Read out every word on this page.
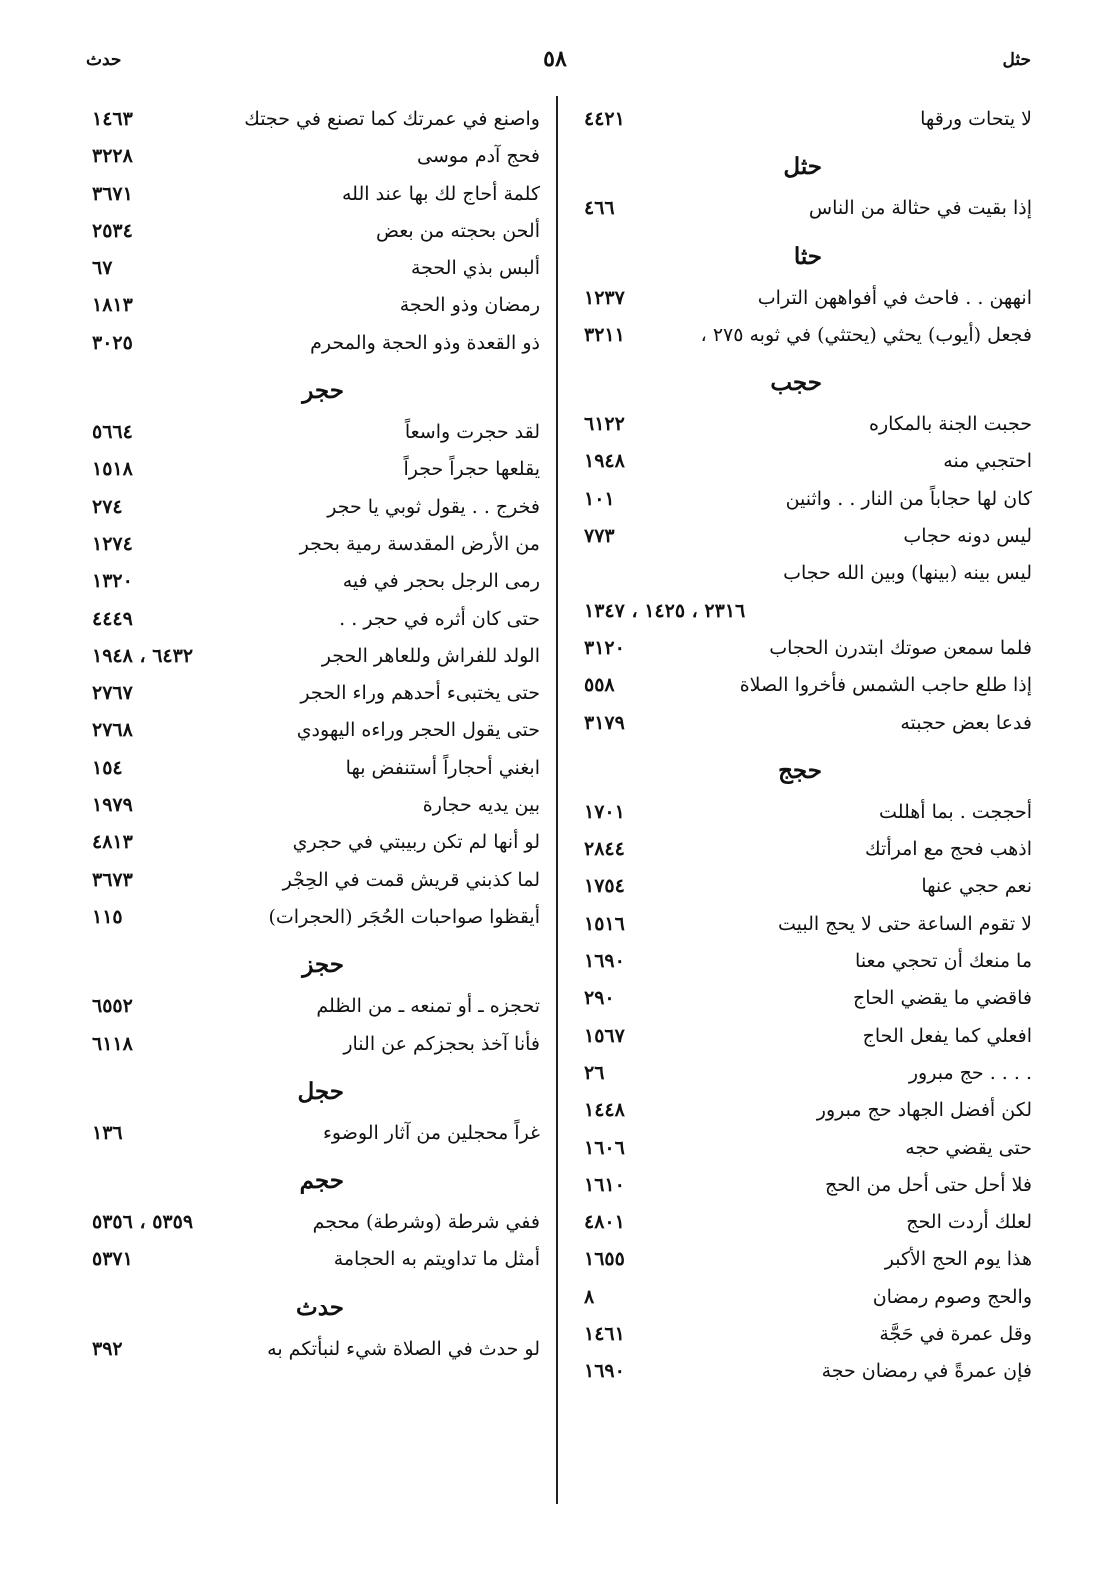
حثل
٥٨
حدث
لا يتحات ورقها
٤٤٢١
حثل
إذا بقيت في حثالة من الناس
٤٦٦
حثا
انههن . . فاحث في أفواههن التراب
١٢٣٧
فجعل (أيوب) يحثي (يحتثي) في ثوبه ٢٧٥ ،
٣٢١١
حجب
حجبت الجنة بالمكاره
٦١٢٢
احتجبي منه
١٩٤٨
كان لها حجاباً من النار . . واثنين
١٠١
ليس دونه حجاب
٧٧٣
ليس بينه (بينها) وبين الله حجاب
٢٣١٦ ، ١٤٢٥ ، ١٣٤٧
فلما سمعن صوتك ابتدرن الحجاب
٣١٢٠
إذا طلع حاجب الشمس فأخروا الصلاة
٥٥٨
فدعا بعض حجبته
٣١٧٩
حجج
أحججت . بما أهللت
١٧٠١
اذهب فحج مع امرأتك
٢٨٤٤
نعم حجي عنها
١٧٥٤
لا تقوم الساعة حتى لا يحج البيت
١٥١٦
ما منعك أن تحجي معنا
١٦٩٠
فاقضي ما يقضي الحاج
٢٩٠
افعلي كما يفعل الحاج
١٥٦٧
. . . . حج مبرور
٢٦
لكن أفضل الجهاد حج مبرور
١٤٤٨
حتى يقضي حجه
١٦٠٦
فلا أحل حتى أحل من الحج
١٦١٠
لعلك أردت الحج
٤٨٠١
هذا يوم الحج الأكبر
١٦٥٥
والحج وصوم رمضان
٨
وقل عمرة في حَجَّة
١٤٦١
فإن عمرةً في رمضان حجة
١٦٩٠
واصنع في عمرتك كما تصنع في حجتك
١٤٦٣
فحج آدم موسى
٣٢٢٨
كلمة أحاج لك بها عند الله
٣٦٧١
ألحن بحجته من بعض
٢٥٣٤
ألبس بذي الحجة
٦٧
رمضان وذو الحجة
١٨١٣
ذو القعدة وذو الحجة والمحرم
٣٠٢٥
حجر
لقد حجرت واسعاً
٥٦٦٤
يقلعها حجراً حجراً
١٥١٨
فخرج . . يقول ثوبي يا حجر
٢٧٤
من الأرض المقدسة رمية بحجر
١٢٧٤
رمى الرجل بحجر في فيه
١٣٢٠
حتى كان أثره في حجر . .
٤٤٤٩
الولد للفراش وللعاهر الحجر
٦٤٣٢ ، ١٩٤٨
حتى يختبىء أحدهم وراء الحجر
٢٧٦٧
حتى يقول الحجر وراءه اليهودي
٢٧٦٨
ابغني أحجاراً أستنفض بها
١٥٤
بين يديه حجارة
١٩٧٩
لو أنها لم تكن ربيبتي في حجري
٤٨١٣
لما كذبني قريش قمت في الحِجْر
٣٦٧٣
أيقظوا صواحبات الحُجَر (الحجرات)
١١٥
حجز
تحجزه ـ أو تمنعه ـ من الظلم
٦٥٥٢
فأنا آخذ بحجزكم عن النار
٦١١٨
حجل
غراً محجلين من آثار الوضوء
١٣٦
حجم
ففي شرطة (وشرطة) محجم
٥٣٥٩ ، ٥٣٥٦
أمثل ما تداويتم به الحجامة
٥٣٧١
حدث
لو حدث في الصلاة شيء لنبأتكم به
٣٩٢
